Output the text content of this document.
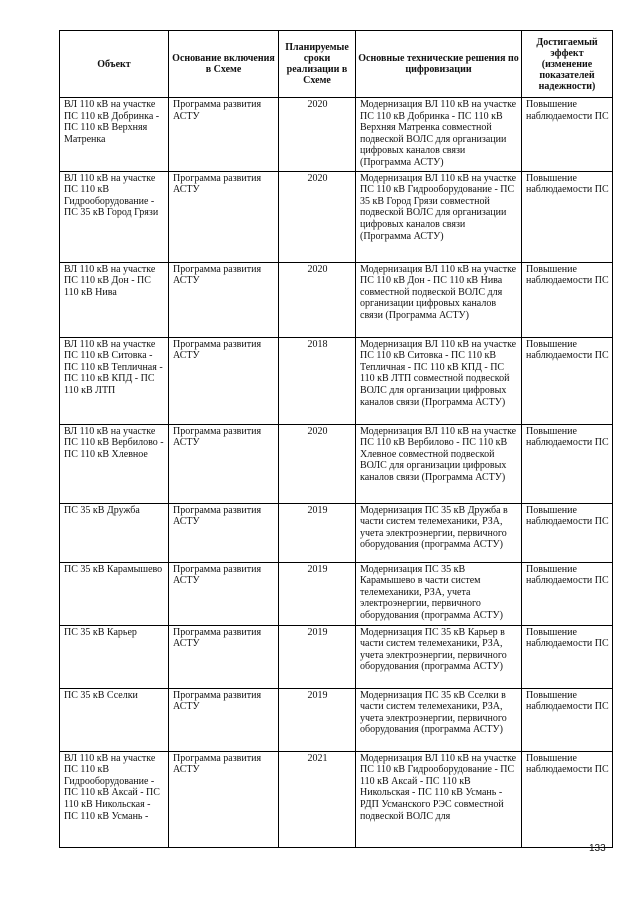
Объект	Основание включения в Схеме	Планируемые сроки реализации в Схеме	Основные технические решения по цифровизации	Достигаемый эффект (изменение показателей надежности)
ВЛ 110 кВ на участке ПС 110 кВ Добринка - ПС 110 кВ Верхняя Матренка	Программа развития АСТУ	2020	Модернизация ВЛ 110 кВ на участке ПС 110 кВ Добринка - ПС 110 кВ Верхняя Матренка совместной подвеской ВОЛС для организации цифровых каналов связи (Программа АСТУ)	Повышение наблюдаемости ПС
ВЛ 110 кВ на участке ПС 110 кВ Гидрооборудование - ПС 35 кВ Город Грязи	Программа развития АСТУ	2020	Модернизация ВЛ 110 кВ на участке ПС 110 кВ Гидрооборудование - ПС 35 кВ Город Грязи совместной подвеской ВОЛС для организации цифровых каналов связи (Программа АСТУ)	Повышение наблюдаемости ПС
ВЛ 110 кВ на участке ПС 110 кВ Дон - ПС 110 кВ Нива	Программа развития АСТУ	2020	Модернизация ВЛ 110 кВ на участке ПС 110 кВ Дон - ПС 110 кВ Нива совместной подвеской ВОЛС для организации цифровых каналов связи (Программа АСТУ)	Повышение наблюдаемости ПС
ВЛ 110 кВ на участке ПС 110 кВ Ситовка - ПС 110 кВ Тепличная - ПС 110 кВ КПД - ПС 110 кВ ЛТП	Программа развития АСТУ	2018	Модернизация ВЛ 110 кВ на участке ПС 110 кВ Ситовка - ПС 110 кВ Тепличная - ПС 110 кВ КПД - ПС 110 кВ ЛТП совместной подвеской ВОЛС для организации цифровых каналов связи (Программа АСТУ)	Повышение наблюдаемости ПС
ВЛ 110 кВ на участке ПС 110 кВ Вербилово - ПС 110 кВ Хлевное	Программа развития АСТУ	2020	Модернизация ВЛ 110 кВ на участке ПС 110 кВ Вербилово - ПС 110 кВ Хлевное совместной подвеской ВОЛС для организации цифровых каналов связи (Программа АСТУ)	Повышение наблюдаемости ПС
ПС 35 кВ Дружба	Программа развития АСТУ	2019	Модернизация ПС 35 кВ Дружба в части систем телемеханики, РЗА, учета электроэнергии, первичного оборудования (программа АСТУ)	Повышение наблюдаемости ПС
ПС 35 кВ Карамышево	Программа развития АСТУ	2019	Модернизация ПС 35 кВ Карамышево в части систем телемеханики, РЗА, учета электроэнергии, первичного оборудования (программа АСТУ)	Повышение наблюдаемости ПС
ПС 35 кВ Карьер	Программа развития АСТУ	2019	Модернизация ПС 35 кВ Карьер в части систем телемеханики, РЗА, учета электроэнергии, первичного оборудования (программа АСТУ)	Повышение наблюдаемости ПС
ПС 35 кВ Сселки	Программа развития АСТУ	2019	Модернизация ПС 35 кВ Сселки в части систем телемеханики, РЗА, учета электроэнергии, первичного оборудования (программа АСТУ)	Повышение наблюдаемости ПС
ВЛ 110 кВ на участке ПС 110 кВ Гидрооборудование - ПС 110 кВ Аксай - ПС 110 кВ Никольская - ПС 110 кВ Усмань -	Программа развития АСТУ	2021	Модернизация ВЛ 110 кВ на участке ПС 110 кВ Гидрооборудование - ПС 110 кВ Аксай - ПС 110 кВ Никольская - ПС 110 кВ Усмань - РДП Усманского РЭС совместной подвеской ВОЛС для	Повышение наблюдаемости ПС
133
